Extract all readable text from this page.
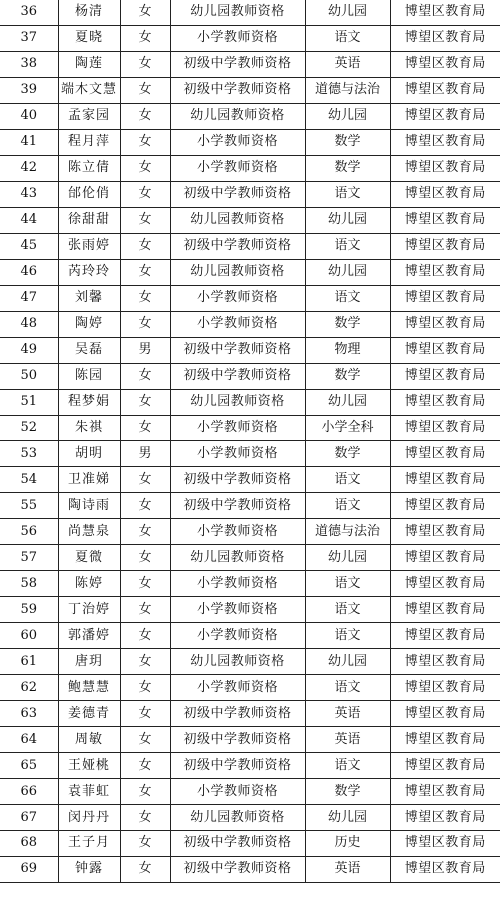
36	杨清	女	幼儿园教师资格	幼儿园	博望区教育局
37	夏晓	女	小学教师资格	语文	博望区教育局
38	陶莲	女	初级中学教师资格	英语	博望区教育局
39	端木文慧	女	初级中学教师资格	道德与法治	博望区教育局
40	孟家园	女	幼儿园教师资格	幼儿园	博望区教育局
41	程月萍	女	小学教师资格	数学	博望区教育局
42	陈立倩	女	小学教师资格	数学	博望区教育局
43	邰伦俏	女	初级中学教师资格	语文	博望区教育局
44	徐甜甜	女	幼儿园教师资格	幼儿园	博望区教育局
45	张雨婷	女	初级中学教师资格	语文	博望区教育局
46	芮玲玲	女	幼儿园教师资格	幼儿园	博望区教育局
47	刘馨	女	小学教师资格	语文	博望区教育局
48	陶婷	女	小学教师资格	数学	博望区教育局
49	吴磊	男	初级中学教师资格	物理	博望区教育局
50	陈园	女	初级中学教师资格	数学	博望区教育局
51	程梦娟	女	幼儿园教师资格	幼儿园	博望区教育局
52	朱祺	女	小学教师资格	小学全科	博望区教育局
53	胡明	男	小学教师资格	数学	博望区教育局
54	卫准娣	女	初级中学教师资格	语文	博望区教育局
55	陶诗雨	女	初级中学教师资格	语文	博望区教育局
56	尚慧泉	女	小学教师资格	道德与法治	博望区教育局
57	夏微	女	幼儿园教师资格	幼儿园	博望区教育局
58	陈婷	女	小学教师资格	语文	博望区教育局
59	丁治婷	女	小学教师资格	语文	博望区教育局
60	郭潘婷	女	小学教师资格	语文	博望区教育局
61	唐玥	女	幼儿园教师资格	幼儿园	博望区教育局
62	鲍慧慧	女	小学教师资格	语文	博望区教育局
63	姜德青	女	初级中学教师资格	英语	博望区教育局
64	周敏	女	初级中学教师资格	英语	博望区教育局
65	王娅桃	女	初级中学教师资格	语文	博望区教育局
66	袁菲虹	女	小学教师资格	数学	博望区教育局
67	闵丹丹	女	幼儿园教师资格	幼儿园	博望区教育局
68	王子月	女	初级中学教师资格	历史	博望区教育局
69	钟露	女	初级中学教师资格	英语	博望区教育局
